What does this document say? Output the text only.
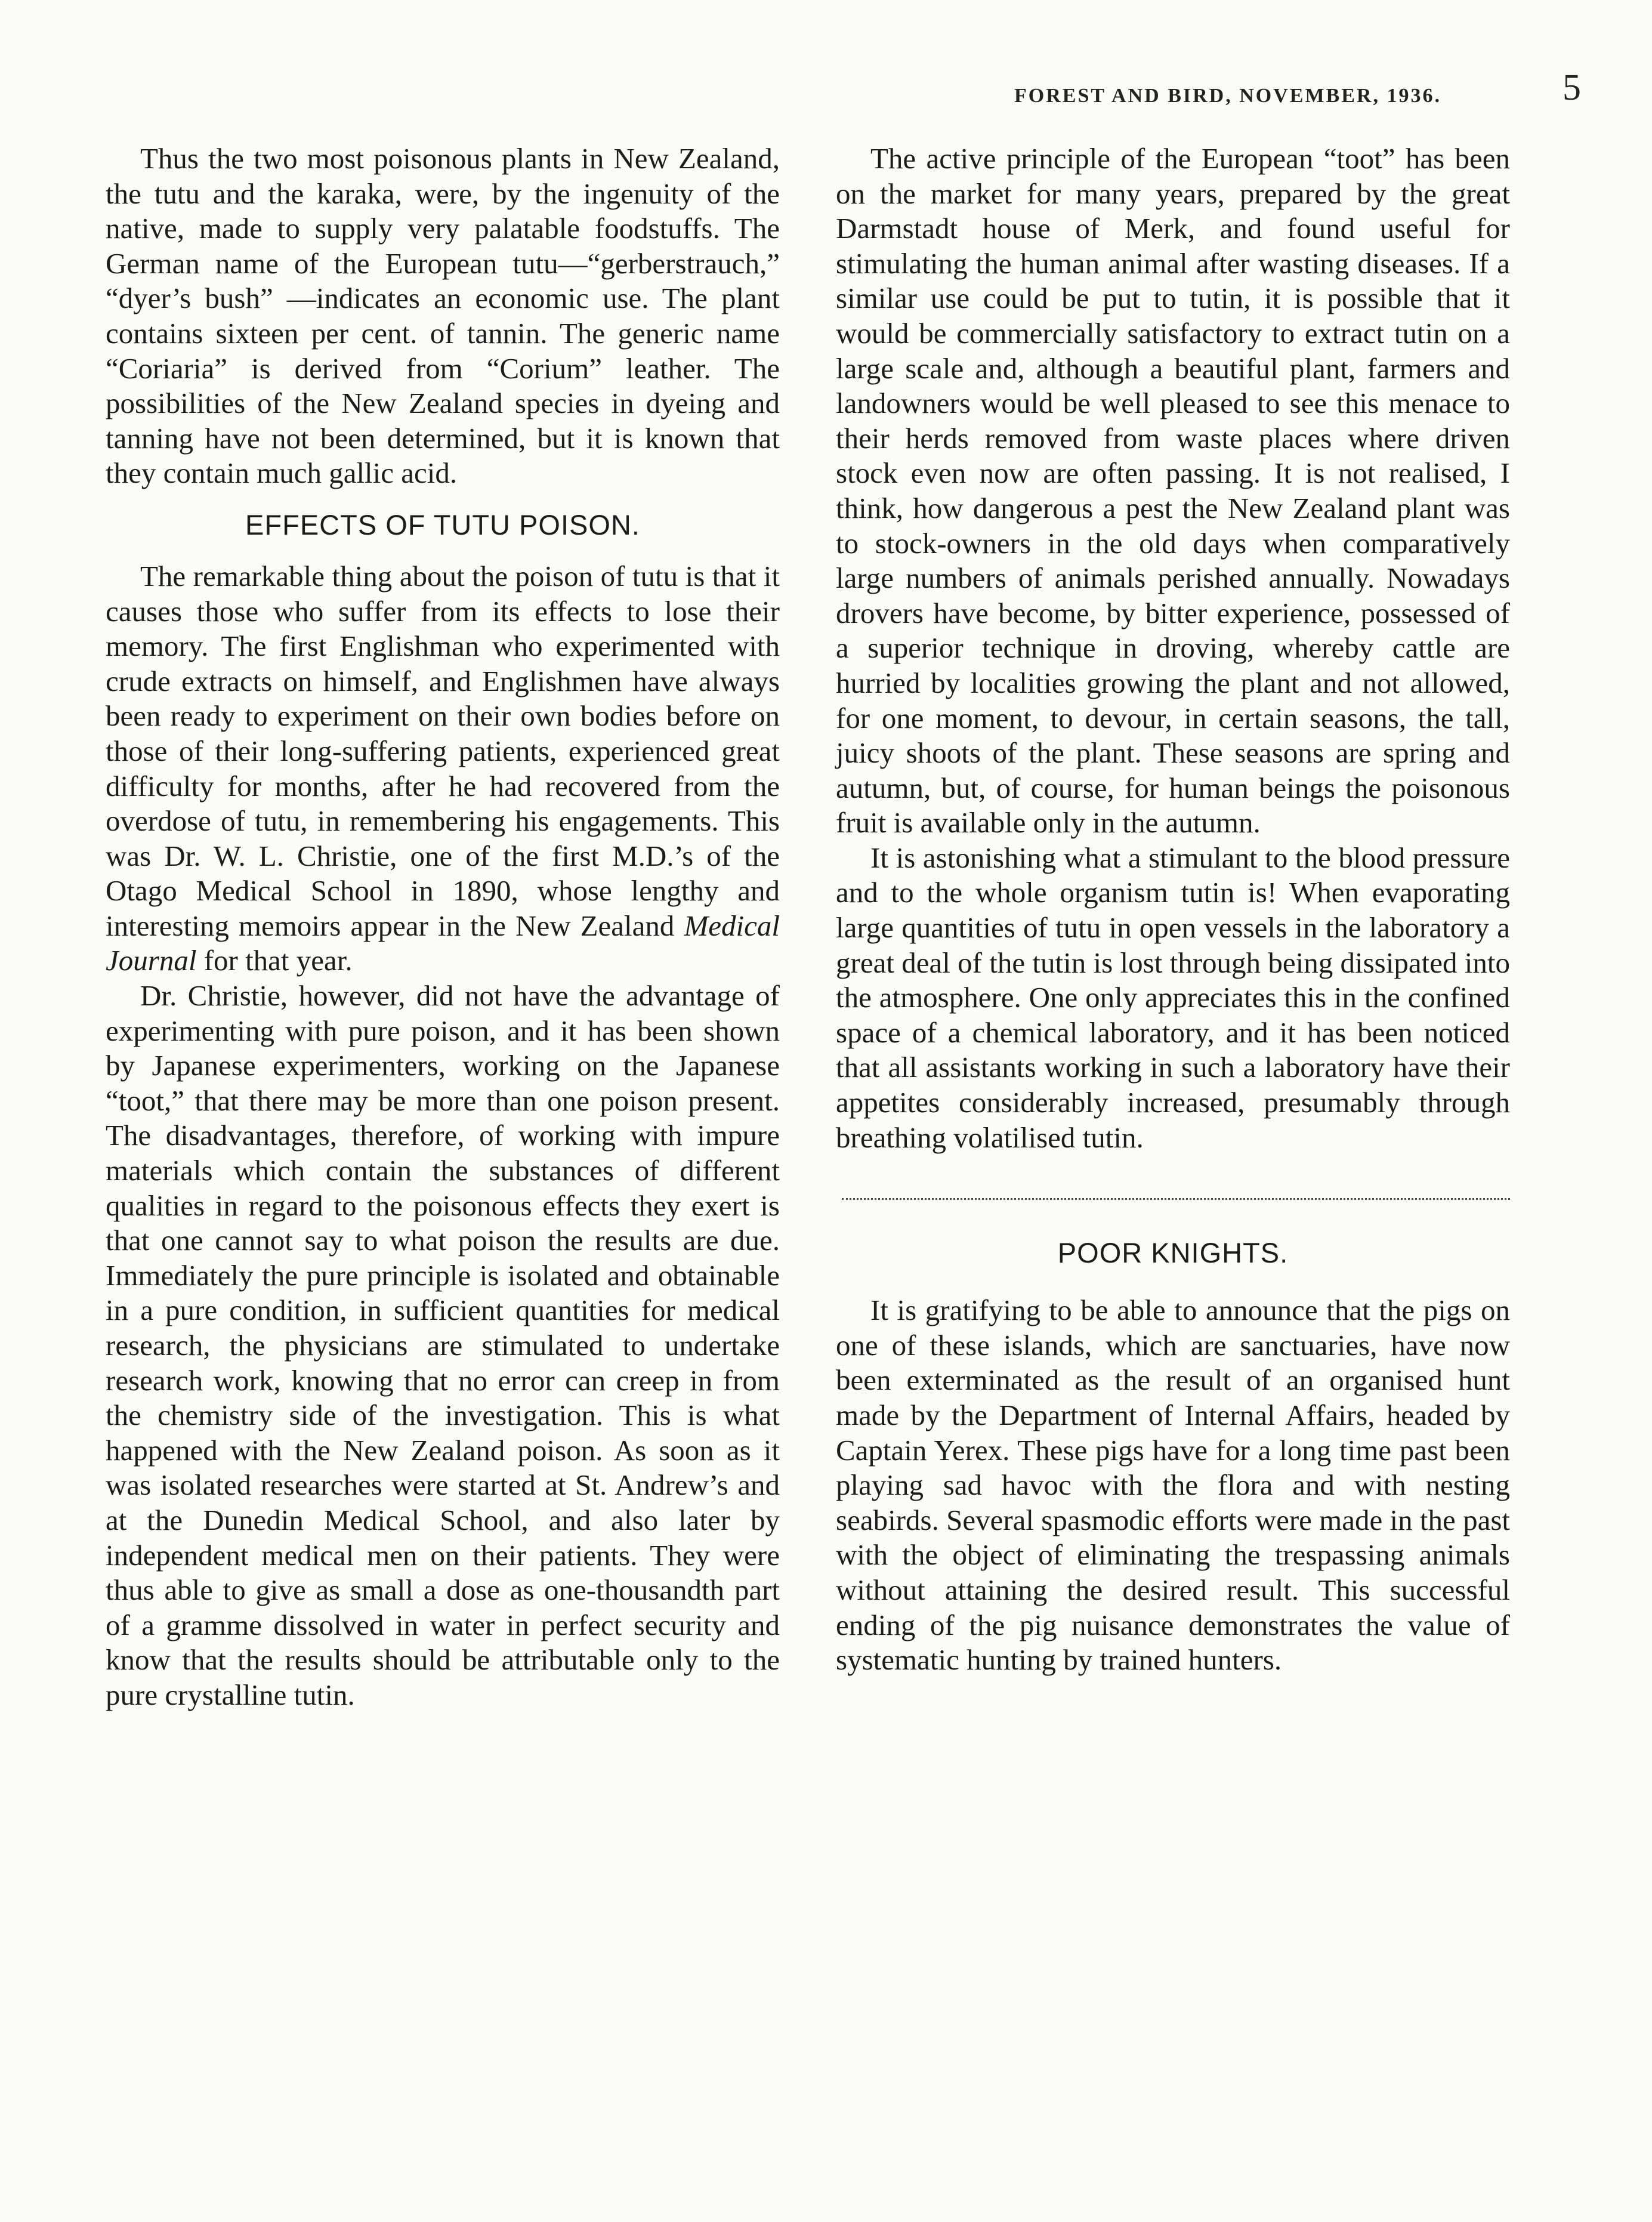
FOREST AND BIRD, NOVEMBER, 1936.	5

Thus the two most poisonous plants in New Zealand, the tutu and the karaka, were, by the ingenuity of the native, made to supply very palatable foodstuffs. The German name of the European tutu—“gerberstrauch,” “dyer’s bush” —indicates an economic use. The plant contains sixteen per cent. of tannin. The generic name “Coriaria” is derived from “Corium” leather. The possibilities of the New Zealand species in dyeing and tanning have not been determined, but it is known that they contain much gallic acid.

EFFECTS OF TUTU POISON.

The remarkable thing about the poison of tutu is that it causes those who suffer from its effects to lose their memory. The first Englishman who experimented with crude extracts on himself, and Englishmen have always been ready to experiment on their own bodies before on those of their long-suffering patients, experienced great difficulty for months, after he had recovered from the overdose of tutu, in remembering his engagements. This was Dr. W. L. Christie, one of the first M.D.’s of the Otago Medical School in 1890, whose lengthy and interesting memoirs appear in the New Zealand Medical Journal for that year.

Dr. Christie, however, did not have the advantage of experimenting with pure poison, and it has been shown by Japanese experimenters, working on the Japanese “toot,” that there may be more than one poison present. The disadvantages, therefore, of working with impure materials which contain the substances of different qualities in regard to the poisonous effects they exert is that one cannot say to what poison the results are due. Immediately the pure principle is isolated and obtainable in a pure condition, in sufficient quantities for medical research, the physicians are stimulated to undertake research work, knowing that no error can creep in from the chemistry side of the investigation. This is what happened with the New Zealand poison. As soon as it was isolated researches were started at St. Andrew’s and at the Dunedin Medical School, and also later by independent medical men on their patients. They were thus able to give as small a dose as one-thousandth part of a gramme dissolved in water in perfect security and know that the results should be attributable only to the pure crystalline tutin.

The active principle of the European “toot” has been on the market for many years, prepared by the great Darmstadt house of Merk, and found useful for stimulating the human animal after wasting diseases. If a similar use could be put to tutin, it is possible that it would be commercially satisfactory to extract tutin on a large scale and, although a beautiful plant, farmers and landowners would be well pleased to see this menace to their herds removed from waste places where driven stock even now are often passing. It is not realised, I think, how dangerous a pest the New Zealand plant was to stock-owners in the old days when comparatively large numbers of animals perished annually. Nowadays drovers have become, by bitter experience, possessed of a superior technique in droving, whereby cattle are hurried by localities growing the plant and not allowed, for one moment, to devour, in certain seasons, the tall, juicy shoots of the plant. These seasons are spring and autumn, but, of course, for human beings the poisonous fruit is available only in the autumn.

It is astonishing what a stimulant to the blood pressure and to the whole organism tutin is! When evaporating large quantities of tutu in open vessels in the laboratory a great deal of the tutin is lost through being dissipated into the atmosphere. One only appreciates this in the confined space of a chemical laboratory, and it has been noticed that all assistants working in such a laboratory have their appetites considerably increased, presumably through breathing volatilised tutin.

POOR KNIGHTS.

It is gratifying to be able to announce that the pigs on one of these islands, which are sanctuaries, have now been exterminated as the result of an organised hunt made by the Department of Internal Affairs, headed by Captain Yerex. These pigs have for a long time past been playing sad havoc with the flora and with nesting seabirds. Several spasmodic efforts were made in the past with the object of eliminating the trespassing animals without attaining the desired result. This successful ending of the pig nuisance demonstrates the value of systematic hunting by trained hunters.
